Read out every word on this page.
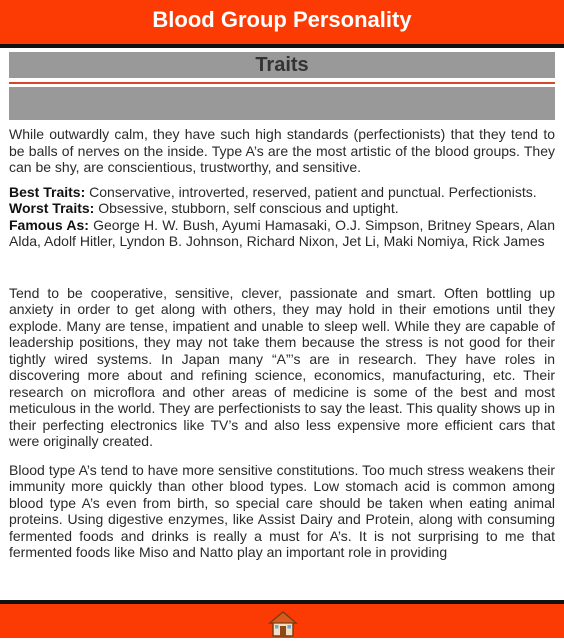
Blood Group Personality
Traits
While outwardly calm, they have such high standards (perfectionists) that they tend to be balls of nerves on the inside. Type A’s are the most artistic of the blood groups. They can be shy, are conscientious, trustworthy, and sensitive.
Best Traits: Conservative, introverted, reserved, patient and punctual. Perfectionists.
Worst Traits: Obsessive, stubborn, self conscious and uptight.
Famous As: George H. W. Bush, Ayumi Hamasaki, O.J. Simpson, Britney Spears, Alan Alda, Adolf Hitler, Lyndon B. Johnson, Richard Nixon, Jet Li, Maki Nomiya, Rick James
Tend to be cooperative, sensitive, clever, passionate and smart. Often bottling up anxiety in order to get along with others, they may hold in their emotions until they explode. Many are tense, impatient and unable to sleep well. While they are capable of leadership positions, they may not take them because the stress is not good for their tightly wired systems. In Japan many “A”’s are in research. They have roles in discovering more about and refining science, economics, manufacturing, etc. Their research on microflora and other areas of medicine is some of the best and most meticulous in the world. They are perfectionists to say the least. This quality shows up in their perfecting electronics like TV’s and also less expensive more efficient cars that were originally created.
Blood type A’s tend to have more sensitive constitutions. Too much stress weakens their immunity more quickly than other blood types. Low stomach acid is common among blood type A’s even from birth, so special care should be taken when eating animal proteins. Using digestive enzymes, like Assist Dairy and Protein, along with consuming fermented foods and drinks is really a must for A’s. It is not surprising to me that fermented foods like Miso and Natto play an important role in providing
